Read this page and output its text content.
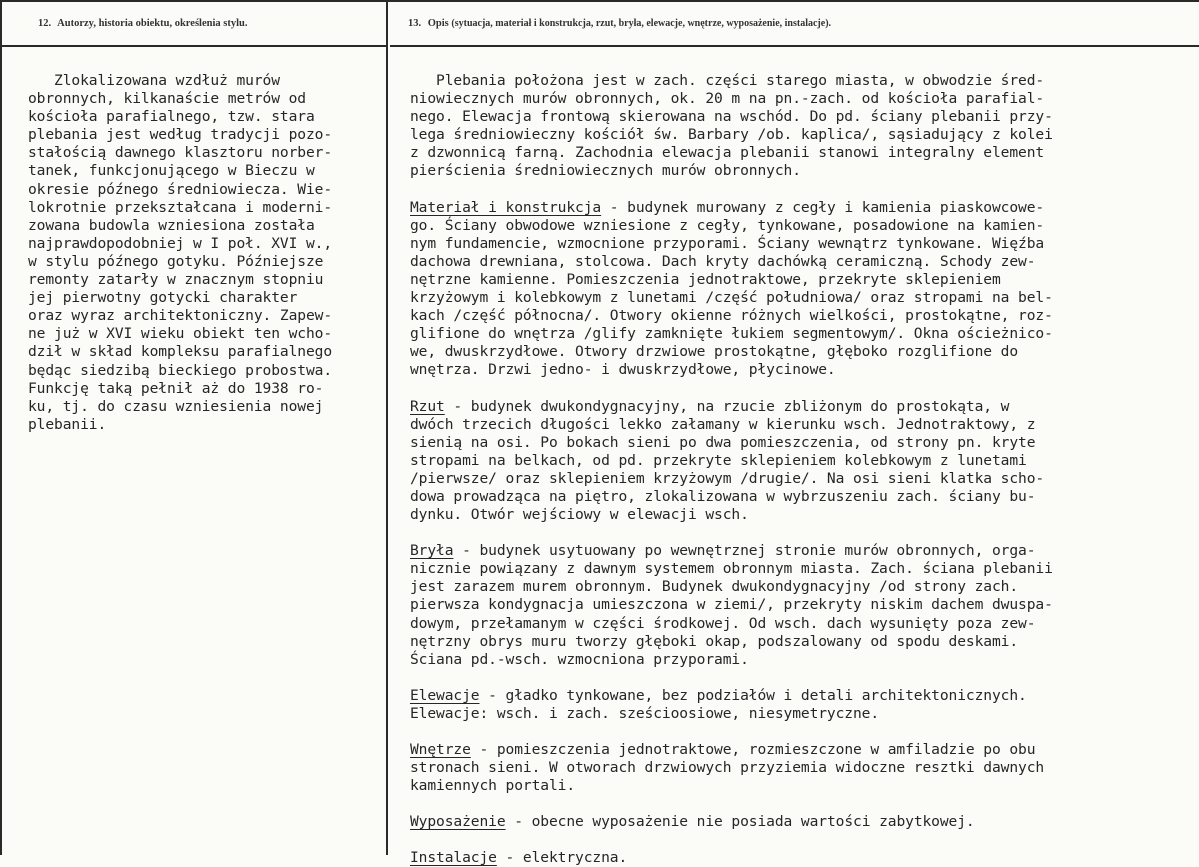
12. Autorzy, historia obiektu, określenia stylu.
Zlokalizowana wzdłuż murów
obronnych, kilkanaście metrów od
kościoła parafialnego, tzw. stara
plebania jest według tradycji pozo-
stałością dawnego klasztoru norber-
tanek, funkcjonującego w Bieczu w
okresie późnego średniowiecza. Wie-
lokrotnie przekształcana i moderni-
zowana budowla wzniesiona została
najprawdopodobniej w I poł. XVI w.,
w stylu późnego gotyku. Późniejsze
remonty zatarły w znacznym stopniu
jej pierwotny gotycki charakter
oraz wyraz architektoniczny. Zapew-
ne już w XVI wieku obiekt ten wcho-
dził w skład kompleksu parafialnego
będąc siedzibą bieckiego probostwa.
Funkcję taką pełnił aż do 1938 ro-
ku, tj. do czasu wzniesienia nowej
plebanii.
13. Opis (sytuacja, materiał i konstrukcja, rzut, bryła, elewacje, wnętrze, wyposażenie, instalacje).
Plebania położona jest w zach. części starego miasta, w obwodzie śred-
niowiecznych murów obronnych, ok. 20 m na pn.-zach. od kościoła parafial-
nego. Elewacja frontową skierowana na wschód. Do pd. ściany plebanii przy-
lega średniowieczny kościół św. Barbary /ob. kaplica/, sąsiadujący z kolei
z dzwonnicą farną. Zachodnia elewacja plebanii stanowi integralny element
pierścienia średniowiecznych murów obronnych.
Materiał i konstrukcja - budynek murowany z cegły i kamienia piaskowcowe-
go. Ściany obwodowe wzniesione z cegły, tynkowane, posadowione na kamien-
nym fundamencie, wzmocnione przyporami. Ściany wewnątrz tynkowane. Więźba
dachowa drewniana, stolcowa. Dach kryty dachówką ceramiczną. Schody zew-
nętrzne kamienne. Pomieszczenia jednotraktowe, przekryte sklepieniem
krzyżowym i kolebkowym z lunetami /część południowa/ oraz stropami na bel-
kach /część północna/. Otwory okienne różnych wielkości, prostokątne, roz-
glifione do wnętrza /glify zamknięte łukiem segmentowym/. Okna ościeżnico-
we, dwuskrzydłowe. Otwory drzwiowe prostokątne, głęboko rozglifione do
wnętrza. Drzwi jedno- i dwuskrzydłowe, płycinowe.
Rzut - budynek dwukondygnacyjny, na rzucie zbliżonym do prostokąta, w
dwóch trzecich długości lekko załamany w kierunku wsch. Jednotraktowy, z
sienią na osi. Po bokach sieni po dwa pomieszczenia, od strony pn. kryte
stropami na belkach, od pd. przekryte sklepieniem kolebkowym z lunetami
/pierwsze/ oraz sklepieniem krzyżowym /drugie/. Na osi sieni klatka scho-
dowa prowadząca na piętro, zlokalizowana w wybrzuszeniu zach. ściany bu-
dynku. Otwór wejściowy w elewacji wsch.
Bryła - budynek usytuowany po wewnętrznej stronie murów obronnych, orga-
nicznie powiązany z dawnym systemem obronnym miasta. Zach. ściana plebanii
jest zarazem murem obronnym. Budynek dwukondygnacyjny /od strony zach.
pierwsza kondygnacja umieszczona w ziemi/, przekryty niskim dachem dwuspa-
dowym, przełamanym w części środkowej. Od wsch. dach wysunięty poza zew-
nętrzny obrys muru tworzy głęboki okap, podszalowany od spodu deskami.
Ściana pd.-wsch. wzmocniona przyporami.
Elewacje - gładko tynkowane, bez podziałów i detali architektonicznych.
Elewacje: wsch. i zach. sześcioosiowe, niesymetryczne.
Wnętrze - pomieszczenia jednotraktowe, rozmieszczone w amfiladzie po obu
stronach sieni. W otworach drzwiowych przyziemia widoczne resztki dawnych
kamiennych portali.
Wyposażenie - obecne wyposażenie nie posiada wartości zabytkowej.
Instalacje - elektryczna.
